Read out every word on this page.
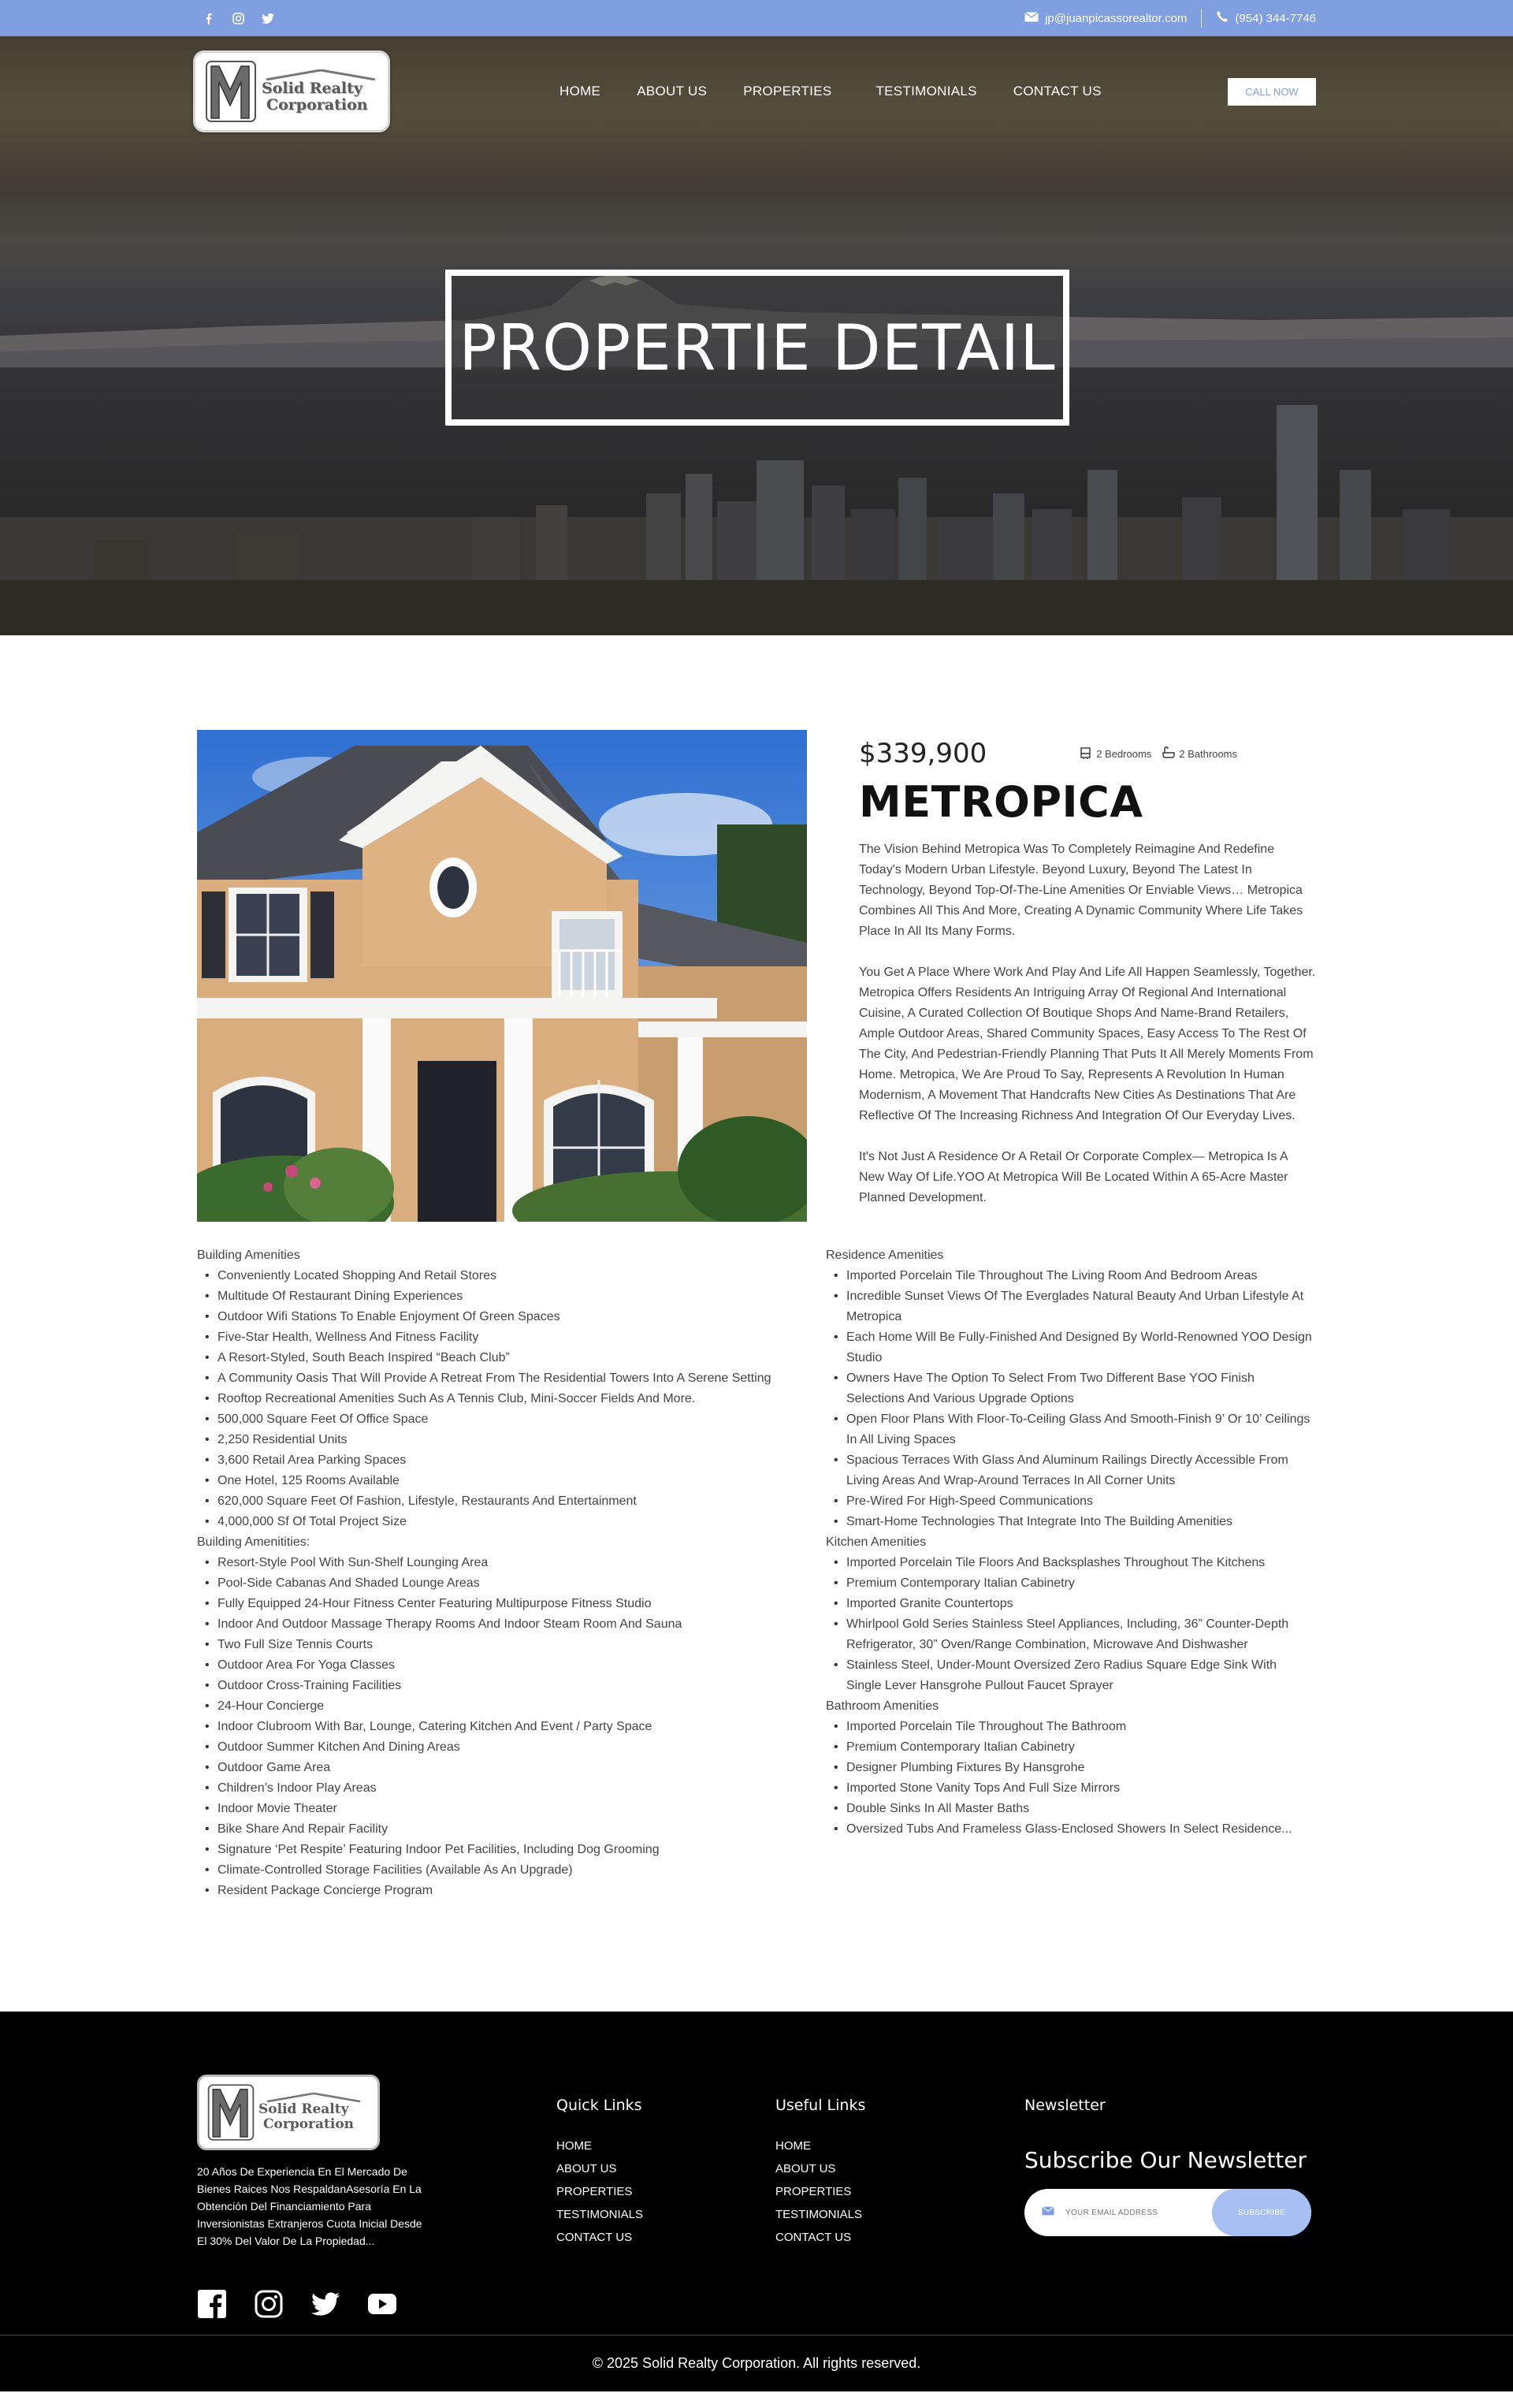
jp@juanpicassorealtor.com	(954) 344-7746
Solid Realty
Corporation
HOME	ABOUT US	PROPERTIES	TESTIMONIALS	CONTACT US	CALL NOW
PROPERTIE DETAIL
$339,900	2 Bedrooms	2 Bathrooms
METROPICA

The Vision Behind Metropica Was To Completely Reimagine And Redefine Today's Modern Urban Lifestyle. Beyond Luxury, Beyond The Latest In Technology, Beyond Top-Of-The-Line Amenities Or Enviable Views… Metropica Combines All This And More, Creating A Dynamic Community Where Life Takes Place In All Its Many Forms.

You Get A Place Where Work And Play And Life All Happen Seamlessly, Together. Metropica Offers Residents An Intriguing Array Of Regional And International Cuisine, A Curated Collection Of Boutique Shops And Name-Brand Retailers, Ample Outdoor Areas, Shared Community Spaces, Easy Access To The Rest Of The City, And Pedestrian-Friendly Planning That Puts It All Merely Moments From Home. Metropica, We Are Proud To Say, Represents A Revolution In Human Modernism, A Movement That Handcrafts New Cities As Destinations That Are Reflective Of The Increasing Richness And Integration Of Our Everyday Lives.

It's Not Just A Residence Or A Retail Or Corporate Complex— Metropica Is A New Way Of Life.YOO At Metropica Will Be Located Within A 65-Acre Master Planned Development.

Building Amenities
• Conveniently Located Shopping And Retail Stores
• Multitude Of Restaurant Dining Experiences
• Outdoor Wifi Stations To Enable Enjoyment Of Green Spaces
• Five-Star Health, Wellness And Fitness Facility
• A Resort-Styled, South Beach Inspired “Beach Club”
• A Community Oasis That Will Provide A Retreat From The Residential Towers Into A Serene Setting
• Rooftop Recreational Amenities Such As A Tennis Club, Mini-Soccer Fields And More.
• 500,000 Square Feet Of Office Space
• 2,250 Residential Units
• 3,600 Retail Area Parking Spaces
• One Hotel, 125 Rooms Available
• 620,000 Square Feet Of Fashion, Lifestyle, Restaurants And Entertainment
• 4,000,000 Sf Of Total Project Size
Building Amenitities:
• Resort-Style Pool With Sun-Shelf Lounging Area
• Pool-Side Cabanas And Shaded Lounge Areas
• Fully Equipped 24-Hour Fitness Center Featuring Multipurpose Fitness Studio
• Indoor And Outdoor Massage Therapy Rooms And Indoor Steam Room And Sauna
• Two Full Size Tennis Courts
• Outdoor Area For Yoga Classes
• Outdoor Cross-Training Facilities
• 24-Hour Concierge
• Indoor Clubroom With Bar, Lounge, Catering Kitchen And Event / Party Space
• Outdoor Summer Kitchen And Dining Areas
• Outdoor Game Area
• Children’s Indoor Play Areas
• Indoor Movie Theater
• Bike Share And Repair Facility
• Signature ‘Pet Respite’ Featuring Indoor Pet Facilities, Including Dog Grooming
• Climate-Controlled Storage Facilities (Available As An Upgrade)
• Resident Package Concierge Program
Residence Amenities
• Imported Porcelain Tile Throughout The Living Room And Bedroom Areas
• Incredible Sunset Views Of The Everglades Natural Beauty And Urban Lifestyle At Metropica
• Each Home Will Be Fully-Finished And Designed By World-Renowned YOO Design Studio
• Owners Have The Option To Select From Two Different Base YOO Finish Selections And Various Upgrade Options
• Open Floor Plans With Floor-To-Ceiling Glass And Smooth-Finish 9’ Or 10’ Ceilings In All Living Spaces
• Spacious Terraces With Glass And Aluminum Railings Directly Accessible From Living Areas And Wrap-Around Terraces In All Corner Units
• Pre-Wired For High-Speed Communications
• Smart-Home Technologies That Integrate Into The Building Amenities
Kitchen Amenities
• Imported Porcelain Tile Floors And Backsplashes Throughout The Kitchens
• Premium Contemporary Italian Cabinetry
• Imported Granite Countertops
• Whirlpool Gold Series Stainless Steel Appliances, Including, 36” Counter-Depth Refrigerator, 30” Oven/Range Combination, Microwave And Dishwasher
• Stainless Steel, Under-Mount Oversized Zero Radius Square Edge Sink With Single Lever Hansgrohe Pullout Faucet Sprayer
Bathroom Amenities
• Imported Porcelain Tile Throughout The Bathroom
• Premium Contemporary Italian Cabinetry
• Designer Plumbing Fixtures By Hansgrohe
• Imported Stone Vanity Tops And Full Size Mirrors
• Double Sinks In All Master Baths
• Oversized Tubs And Frameless Glass-Enclosed Showers In Select Residence...
Solid Realty
Corporation

20 Años De Experiencia En El Mercado De Bienes Raices Nos RespaldanAsesoría En La Obtención Del Financiamiento Para Inversionistas Extranjeros Cuota Inicial Desde El 30% Del Valor De La Propiedad...

Quick Links
HOME
ABOUT US
PROPERTIES
TESTIMONIALS
CONTACT US
Useful Links
HOME
ABOUT US
PROPERTIES
TESTIMONIALS
CONTACT US
Newsletter
Subscribe Our Newsletter
YOUR EMAIL ADDRESS
SUBSCRIBE
© 2025 Solid Realty Corporation. All rights reserved.
